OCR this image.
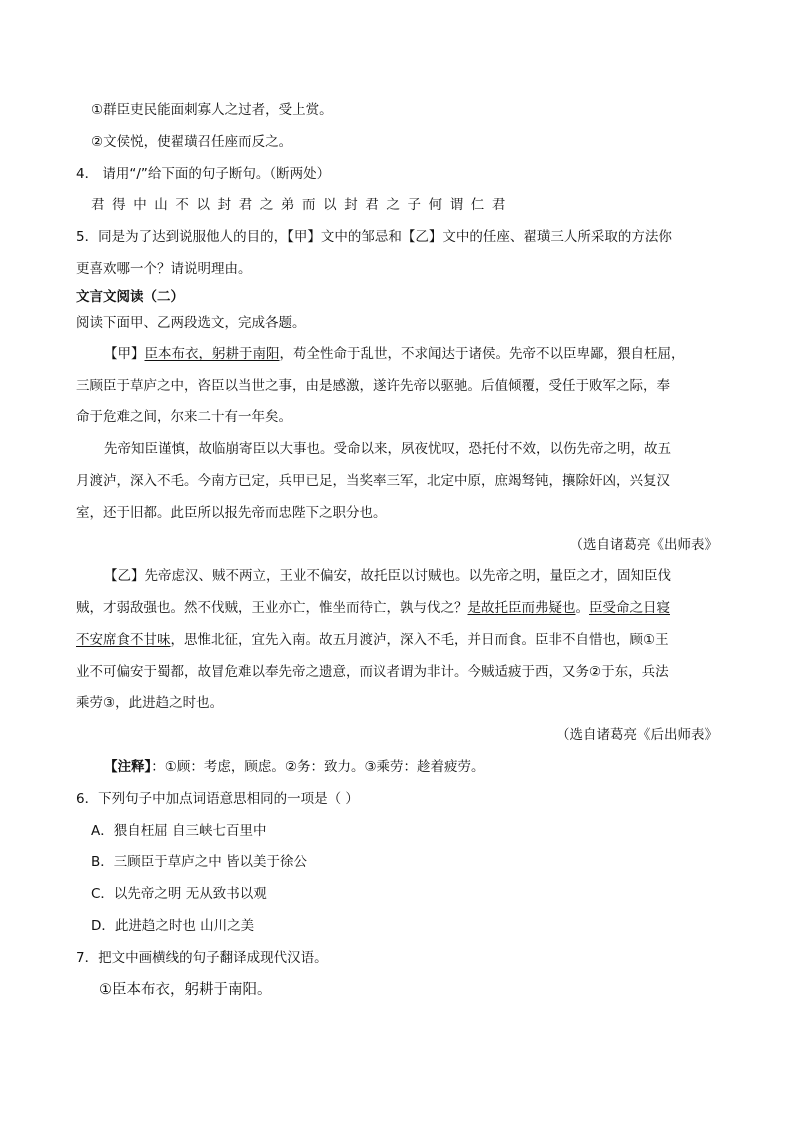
①群臣吏民能面刺寡人之过者，受上赏。
②文侯悦，使翟璜召任座而反之。
4． 请用“/”给下面的句子断句。（断两处）
君得中山不以封君之弟而以封君之子何谓仁君
5．同是为了达到说服他人的目的，【甲】文中的邹忌和【乙】文中的任座、翟璜三人所采取的方法你
更喜欢哪一个？请说明理由。
文言文阅读（二）
阅读下面甲、乙两段选文，完成各题。
【甲】臣本布衣，躬耕于南阳，苟全性命于乱世，不求闻达于诸侯。先帝不以臣卑鄙，猥自枉屈，
三顾臣于草庐之中，咨臣以当世之事，由是感激，遂许先帝以驱驰。后值倾覆，受任于败军之际，奉
命于危难之间，尔来二十有一年矣。
先帝知臣谨慎，故临崩寄臣以大事也。受命以来，夙夜忧叹，恐托付不效，以伤先帝之明，故五
月渡泸，深入不毛。今南方已定，兵甲已足，当奖率三军，北定中原，庶竭驽钝，攘除奸凶，兴复汉
室，还于旧都。此臣所以报先帝而忠陛下之职分也。
（选自诸葛亮《出师表》
【乙】先帝虑汉、贼不两立，王业不偏安，故托臣以讨贼也。以先帝之明，量臣之才，固知臣伐
贼，才弱敌强也。然不伐贼，王业亦亡，惟坐而待亡，孰与伐之？是故托臣而弗疑也。臣受命之日寝
不安席食不甘味，思惟北征，宜先入南。故五月渡泸，深入不毛，并日而食。臣非不自惜也，顾①王
业不可偏安于蜀都，故冒危难以奉先帝之遗意，而议者谓为非计。今贼适疲于西，又务②于东，兵法
乘劳③，此进趋之时也。
（选自诸葛亮《后出师表》
【注释】：①顾：考虑，顾虑。②务：致力。③乘劳：趁着疲劳。
6．下列句子中加点词语意思相同的一项是（ ）
A．猥自枉屈 自三峡七百里中
B．三顾臣于草庐之中 皆以美于徐公
C．以先帝之明 无从致书以观
D．此进趋之时也 山川之美
7．把文中画横线的句子翻译成现代汉语。
①臣本布衣，躬耕于南阳。
